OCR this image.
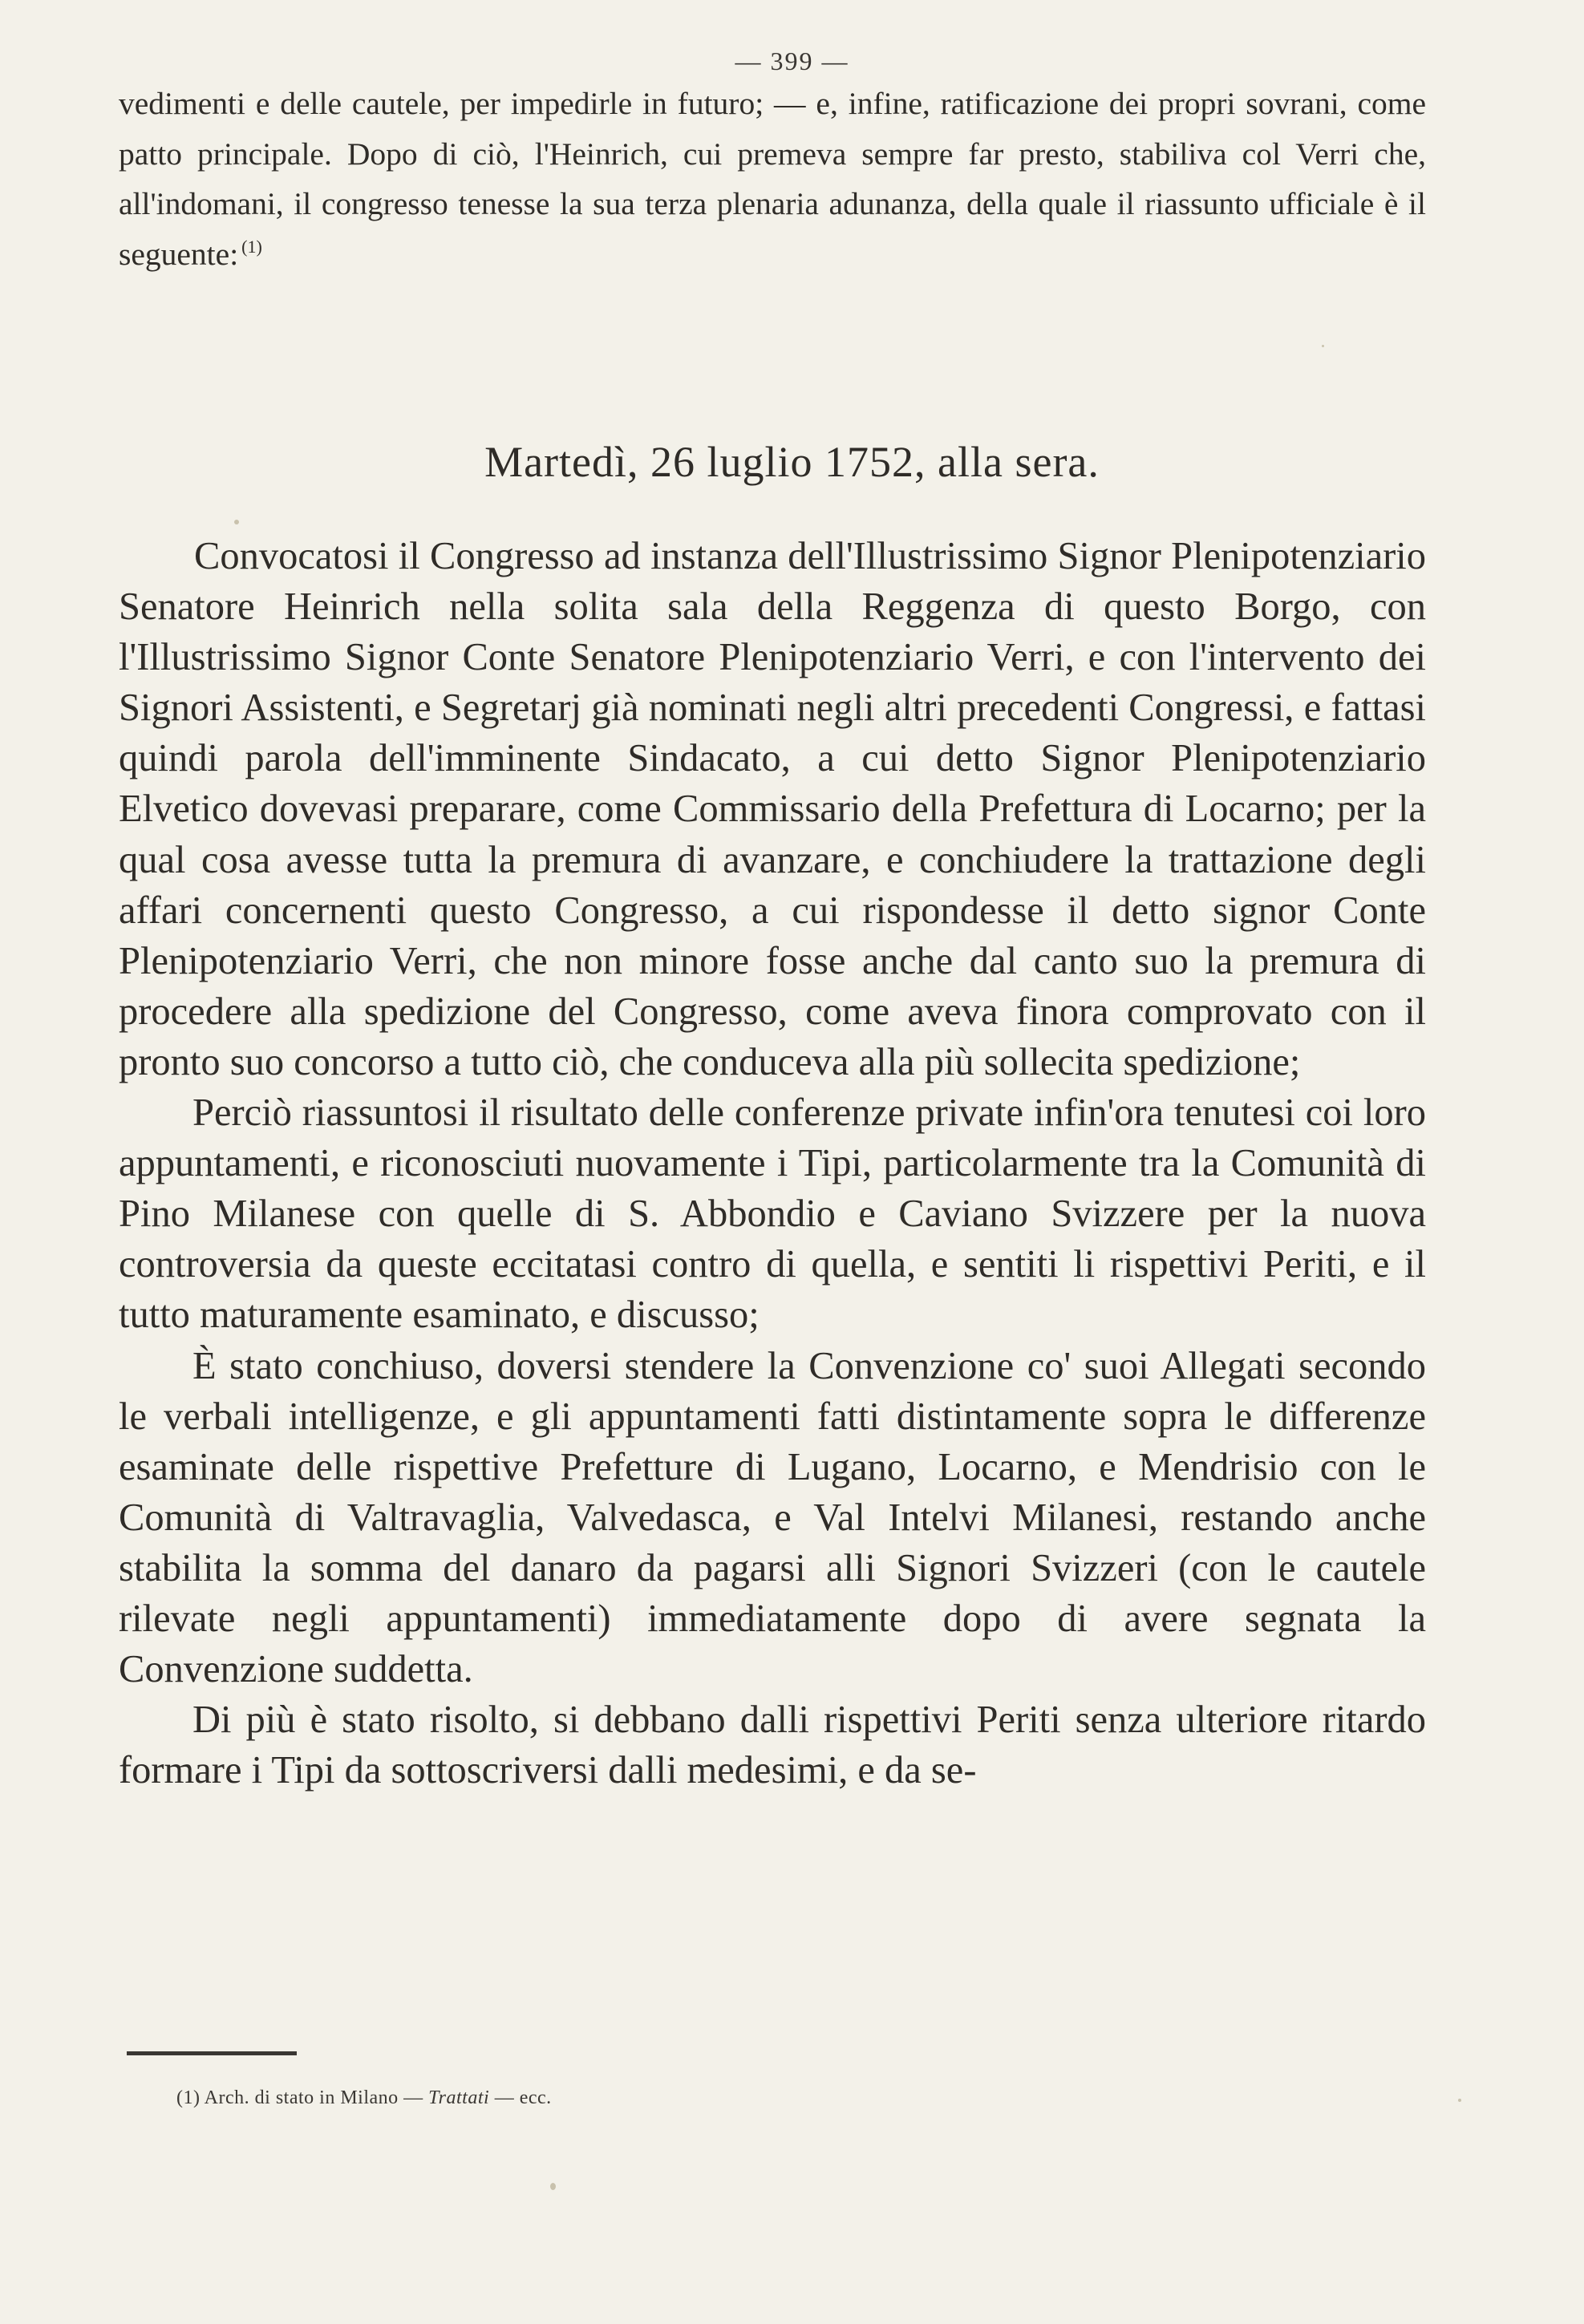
— 399 —

vedimenti e delle cautele, per impedirle in futuro; — e, infine, ratificazione dei propri sovrani, come patto principale. Dopo di ciò, l'Heinrich, cui premeva sempre far presto, stabiliva col Verri che, all'indomani, il congresso tenesse la sua terza plenaria adunanza, della quale il riassunto ufficiale è il seguente: $^{(1)}$

Martedì, 26 luglio 1752, alla sera.

Convocatosi il Congresso ad instanza dell'Illustrissimo Signor Plenipotenziario Senatore Heinrich nella solita sala della Reggenza di questo Borgo, con l'Illustrissimo Signor Conte Senatore Plenipotenziario Verri, e con l'intervento dei Signori Assistenti, e Segretarj già nominati negli altri precedenti Congressi, e fattasi quindi parola dell'imminente Sindacato, a cui detto Signor Plenipotenziario Elvetico dovevasi preparare, come Commissario della Prefettura di Locarno; per la qual cosa avesse tutta la premura di avanzare, e conchiudere la trattazione degli affari concernenti questo Congresso, a cui rispondesse il detto signor Conte Plenipotenziario Verri, che non minore fosse anche dal canto suo la premura di procedere alla spedizione del Congresso, come aveva finora comprovato con il pronto suo concorso a tutto ciò, che conduceva alla più sollecita spedizione;

Perciò riassuntosi il risultato delle conferenze private infin'ora tenutesi coi loro appuntamenti, e riconosciuti nuovamente i Tipi, particolarmente tra la Comunità di Pino Milanese con quelle di S. Abbondio e Caviano Svizzere per la nuova controversia da queste eccitatasi contro di quella, e sentiti li rispettivi Periti, e il tutto maturamente esaminato, e discusso;

È stato conchiuso, doversi stendere la Convenzione co' suoi Allegati secondo le verbali intelligenze, e gli appuntamenti fatti distintamente sopra le differenze esaminate delle rispettive Prefetture di Lugano, Locarno, e Mendrisio con le Comunità di Valtravaglia, Valvedasca, e Val Intelvi Milanesi, restando anche stabilita la somma del danaro da pagarsi alli Signori Svizzeri (con le cautele rilevate negli appuntamenti) immediatamente dopo di avere segnata la Convenzione suddetta.

Di più è stato risolto, si debbano dalli rispettivi Periti senza ulteriore ritardo formare i Tipi da sottoscriversi dalli medesimi, e da se-

(1) Arch. di stato in Milano — Trattati — ecc.
